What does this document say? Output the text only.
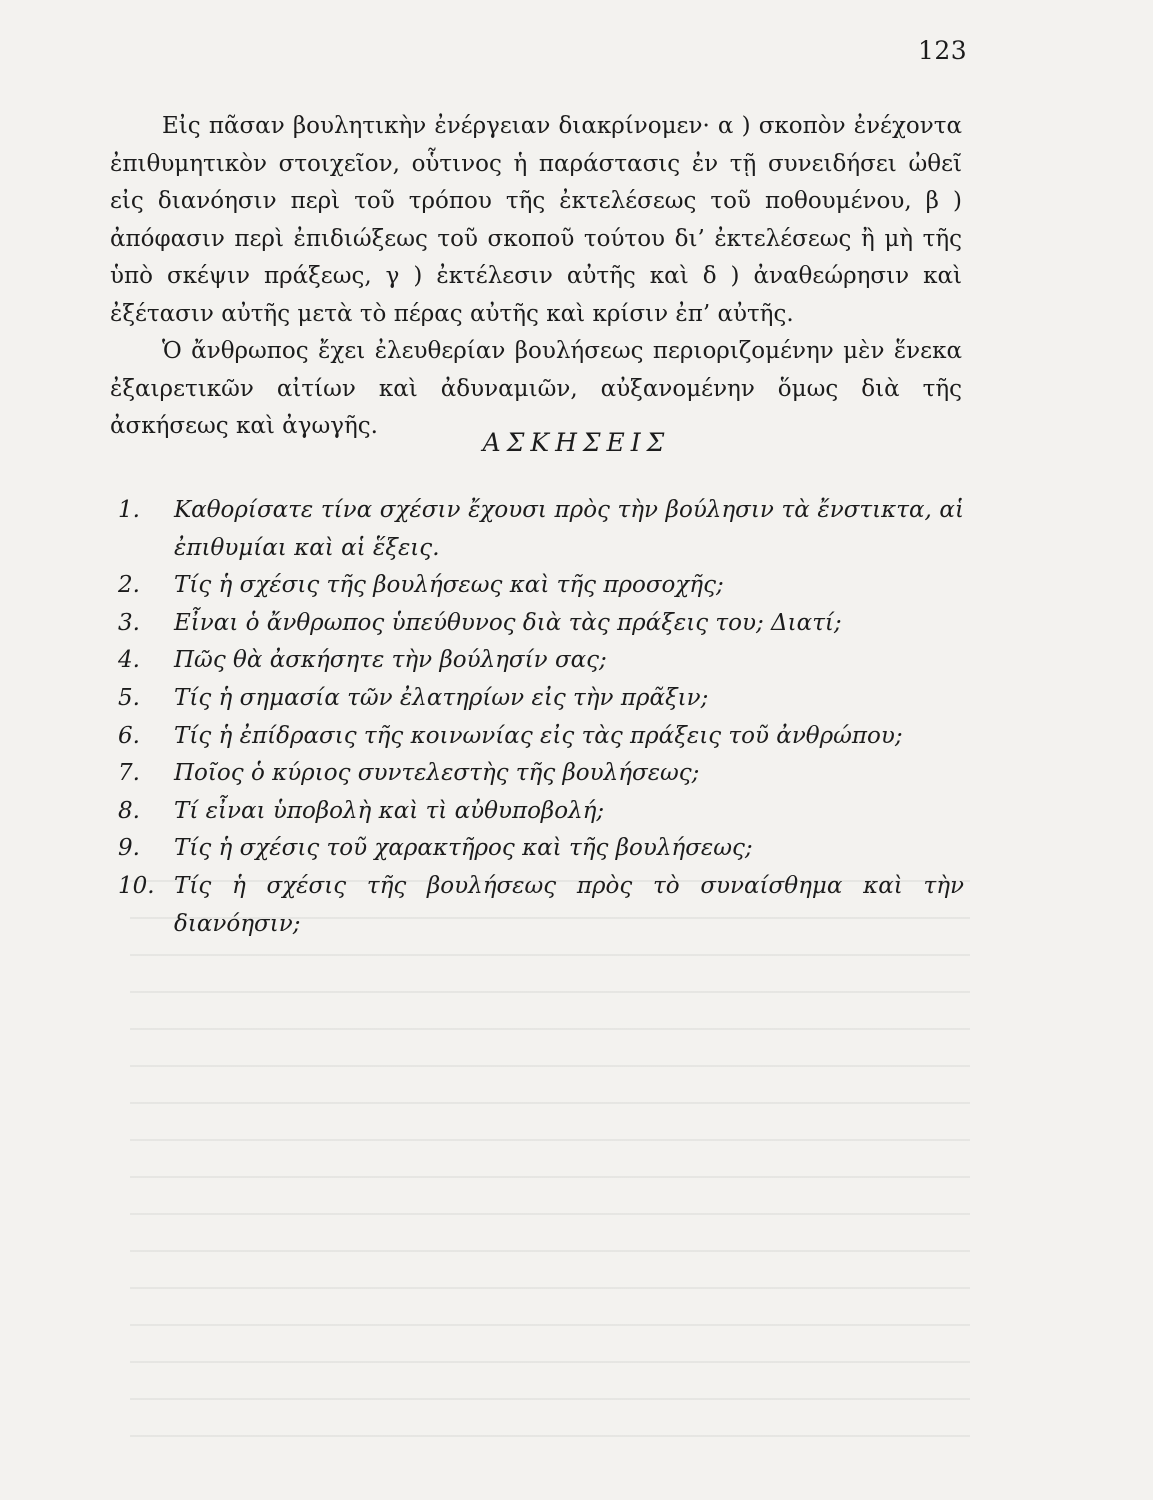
123

Εἰς πᾶσαν βουλητικὴν ἐνέργειαν διακρίνομεν· α ) σκοπὸν ἐνέχοντα ἐπιθυμητικὸν στοιχεῖον, οὗτινος ἡ παράστασις ἐν τῇ συνειδήσει ὠθεῖ εἰς διανόησιν περὶ τοῦ τρόπου τῆς ἐκτελέσεως τοῦ ποθουμένου, β ) ἀπόφασιν περὶ ἐπιδιώξεως τοῦ σκοποῦ τούτου δι’ ἐκτελέσεως ἢ μὴ τῆς ὑπὸ σκέψιν πράξεως, γ ) ἐκτέλεσιν αὐτῆς καὶ δ ) ἀναθεώρησιν καὶ ἐξέτασιν αὐτῆς μετὰ τὸ πέρας αὐτῆς καὶ κρίσιν ἐπ’ αὐτῆς.

Ὁ ἄνθρωπος ἔχει ἐλευθερίαν βουλήσεως περιοριζομένην μὲν ἕνεκα ἐξαιρετικῶν αἰτίων καὶ ἀδυναμιῶν, αὐξανομένην ὅμως διὰ τῆς ἀσκήσεως καὶ ἀγωγῆς.

ΑΣΚΗΣΕΙΣ
1.	Καθορίσατε τίνα σχέσιν ἔχουσι πρὸς τὴν βούλησιν τὰ ἔνστικτα, αἱ ἐπιθυμίαι καὶ αἱ ἕξεις.
2.	Τίς ἡ σχέσις τῆς βουλήσεως καὶ τῆς προσοχῆς;
3.	Εἶναι ὁ ἄνθρωπος ὑπεύθυνος διὰ τὰς πράξεις του; Διατί;
4.	Πῶς θὰ ἀσκήσητε τὴν βούλησίν σας;
5.	Τίς ἡ σημασία τῶν ἐλατηρίων εἰς τὴν πρᾶξιν;
6.	Τίς ἡ ἐπίδρασις τῆς κοινωνίας εἰς τὰς πράξεις τοῦ ἀνθρώπου;
7.	Ποῖος ὁ κύριος συντελεστὴς τῆς βουλήσεως;
8.	Τί εἶναι ὑποβολὴ καὶ τὶ αὐθυποβολή;
9.	Τίς ἡ σχέσις τοῦ χαρακτῆρος καὶ τῆς βουλήσεως;
10. Τίς ἡ σχέσις τῆς βουλήσεως πρὸς τὸ συναίσθημα καὶ τὴν διανόησιν;
